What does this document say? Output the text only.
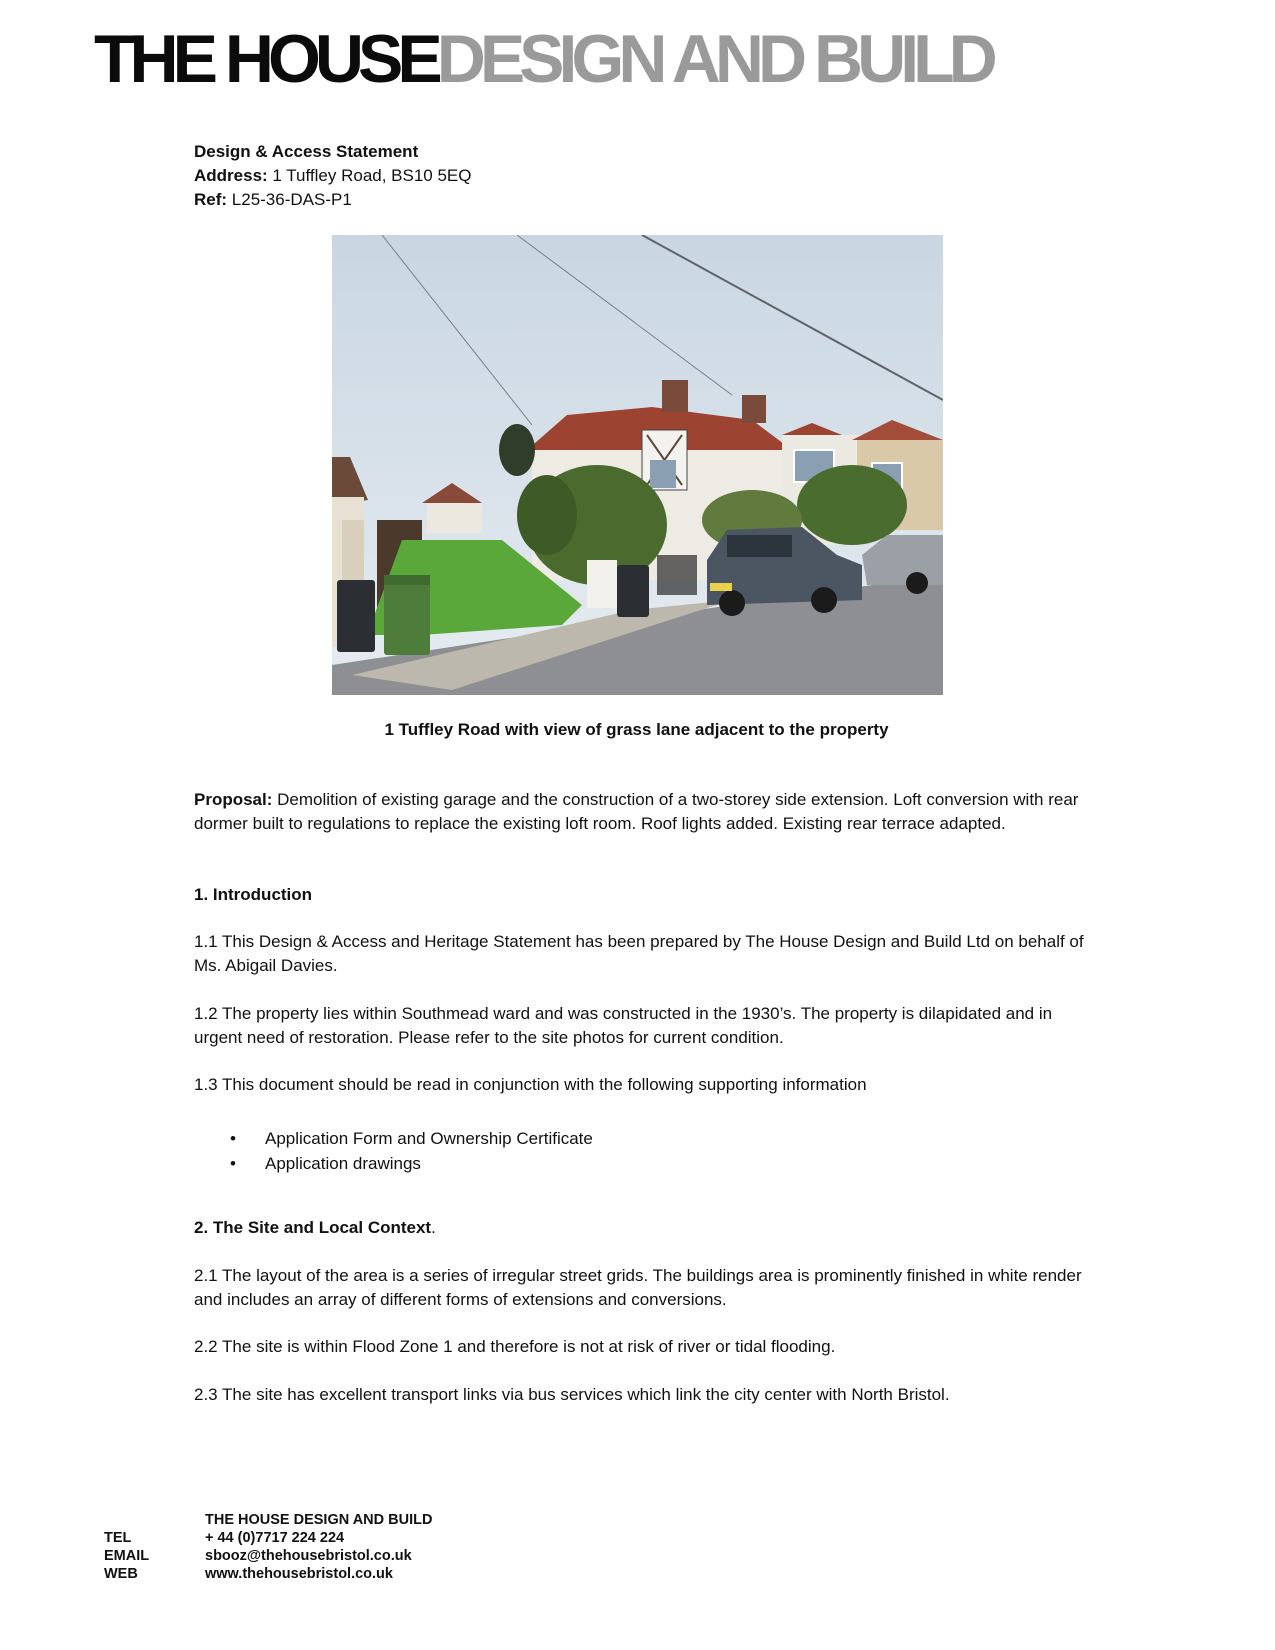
THE HOUSEDESIGN AND BUILD
Design & Access Statement
Address: 1 Tuffley Road, BS10 5EQ
Ref: L25-36-DAS-P1
1 Tuffley Road with view of grass lane adjacent to the property

Proposal: Demolition of existing garage and the construction of a two-storey side extension. Loft conversion with rear dormer built to regulations to replace the existing loft room. Roof lights added. Existing rear terrace adapted.

1. Introduction
1.1 This Design & Access and Heritage Statement has been prepared by The House Design and Build Ltd on behalf of Ms. Abigail Davies.
1.2 The property lies within Southmead ward and was constructed in the 1930’s. The property is dilapidated and in urgent need of restoration. Please refer to the site photos for current condition.
1.3 This document should be read in conjunction with the following supporting information
• Application Form and Ownership Certificate
• Application drawings
2. The Site and Local Context.
2.1 The layout of the area is a series of irregular street grids. The buildings area is prominently finished in white render and includes an array of different forms of extensions and conversions.
2.2 The site is within Flood Zone 1 and therefore is not at risk of river or tidal flooding.
2.3 The site has excellent transport links via bus services which link the city center with North Bristol.
THE HOUSE DESIGN AND BUILD
TEL	+ 44 (0)7717 224 224
EMAIL	sbooz@thehousebristol.co.uk
WEB	www.thehousebristol.co.uk
